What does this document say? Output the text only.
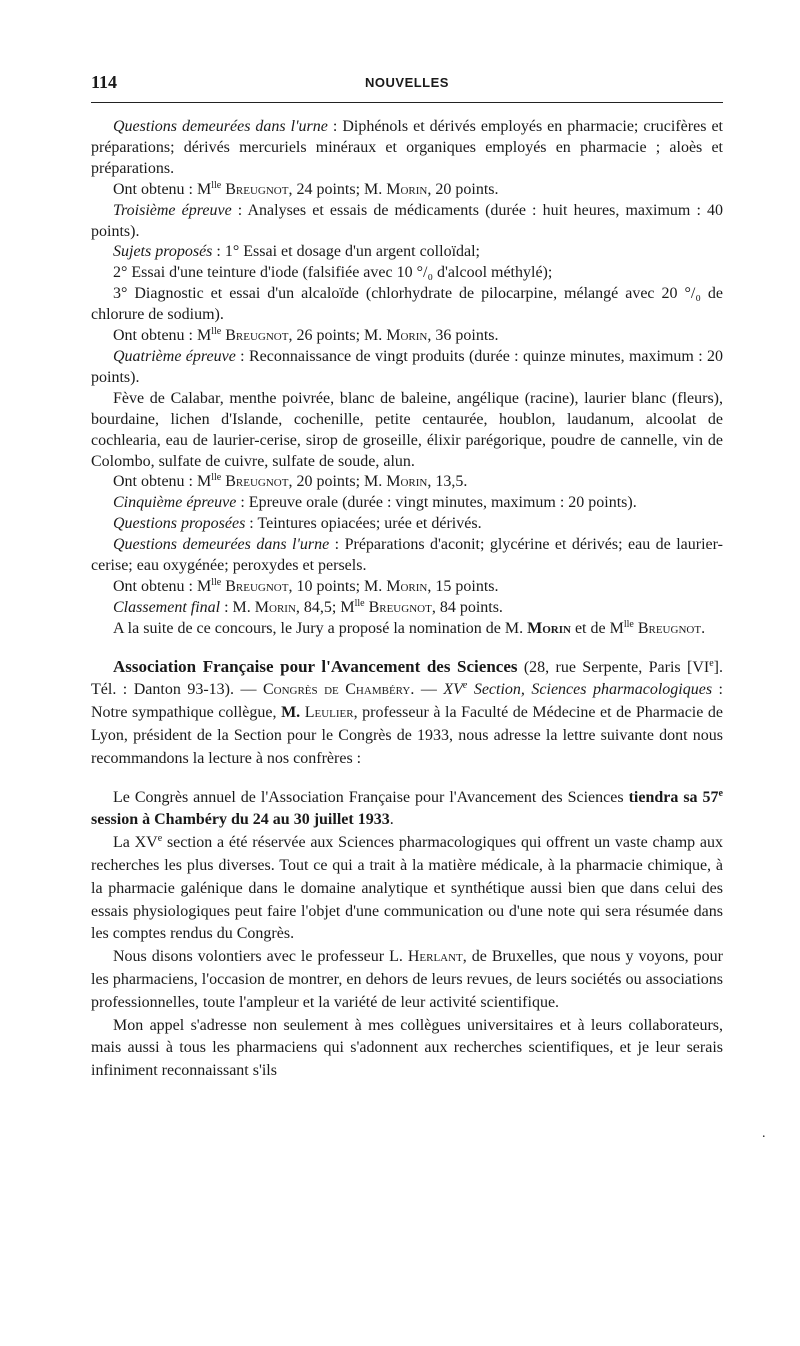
114	NOUVELLES

Questions demeurées dans l'urne : Diphénols et dérivés employés en pharmacie; crucifères et préparations; dérivés mercuriels minéraux et organiques employés en pharmacie ; aloès et préparations.

Ont obtenu : $M^{lle}$ Breugnot, 24 points; M. Morin, 20 points.

Troisième épreuve : Analyses et essais de médicaments (durée : huit heures, maximum : 40 points).

Sujets proposés : 1° Essai et dosage d'un argent colloïdal;

2° Essai d'une teinture d'iode (falsifiée avec 10 °/₀ d'alcool méthylé);

3° Diagnostic et essai d'un alcaloïde (chlorhydrate de pilocarpine, mélangé avec 20 °/₀ de chlorure de sodium).

Ont obtenu : $M^{lle}$ Breugnot, 26 points; M. Morin, 36 points.

Quatrième épreuve : Reconnaissance de vingt produits (durée : quinze minutes, maximum : 20 points).

Fève de Calabar, menthe poivrée, blanc de baleine, angélique (racine), laurier blanc (fleurs), bourdaine, lichen d'Islande, cochenille, petite centaurée, houblon, laudanum, alcoolat de cochlearia, eau de laurier-cerise, sirop de groseille, élixir parégorique, poudre de cannelle, vin de Colombo, sulfate de cuivre, sulfate de soude, alun.

Ont obtenu : $M^{lle}$ Breugnot, 20 points; M. Morin, 13,5.

Cinquième épreuve : Epreuve orale (durée : vingt minutes, maximum : 20 points).

Questions proposées : Teintures opiacées; urée et dérivés.

Questions demeurées dans l'urne : Préparations d'aconit; glycérine et dérivés; eau de laurier-cerise; eau oxygénée; peroxydes et persels.

Ont obtenu : $M^{lle}$ Breugnot, 10 points; M. Morin, 15 points.

Classement final : M. Morin, 84,5; $M^{lle}$ Breugnot, 84 points.

A la suite de ce concours, le Jury a proposé la nomination de M. Morin et de $M^{lle}$ Breugnot.

Association Française pour l'Avancement des Sciences (28, rue Serpente, Paris [VIe]. Tél. : Danton 93-13). — Congrès de Chambéry. — XVe Section, Sciences pharmacologiques : Notre sympathique collègue, M. Leulier, professeur à la Faculté de Médecine et de Pharmacie de Lyon, président de la Section pour le Congrès de 1933, nous adresse la lettre suivante dont nous recommandons la lecture à nos confrères :

Le Congrès annuel de l'Association Française pour l'Avancement des Sciences tiendra sa 57e session à Chambéry du 24 au 30 juillet 1933.

La XVe section a été réservée aux Sciences pharmacologiques qui offrent un vaste champ aux recherches les plus diverses. Tout ce qui a trait à la matière médicale, à la pharmacie chimique, à la pharmacie galénique dans le domaine analytique et synthétique aussi bien que dans celui des essais physiologiques peut faire l'objet d'une communication ou d'une note qui sera résumée dans les comptes rendus du Congrès.

Nous disons volontiers avec le professeur L. Herlant, de Bruxelles, que nous y voyons, pour les pharmaciens, l'occasion de montrer, en dehors de leurs revues, de leurs sociétés ou associations professionnelles, toute l'ampleur et la variété de leur activité scientifique.

Mon appel s'adresse non seulement à mes collègues universitaires et à leurs collaborateurs, mais aussi à tous les pharmaciens qui s'adonnent aux recherches scientifiques, et je leur serais infiniment reconnaissant s'ils

.
